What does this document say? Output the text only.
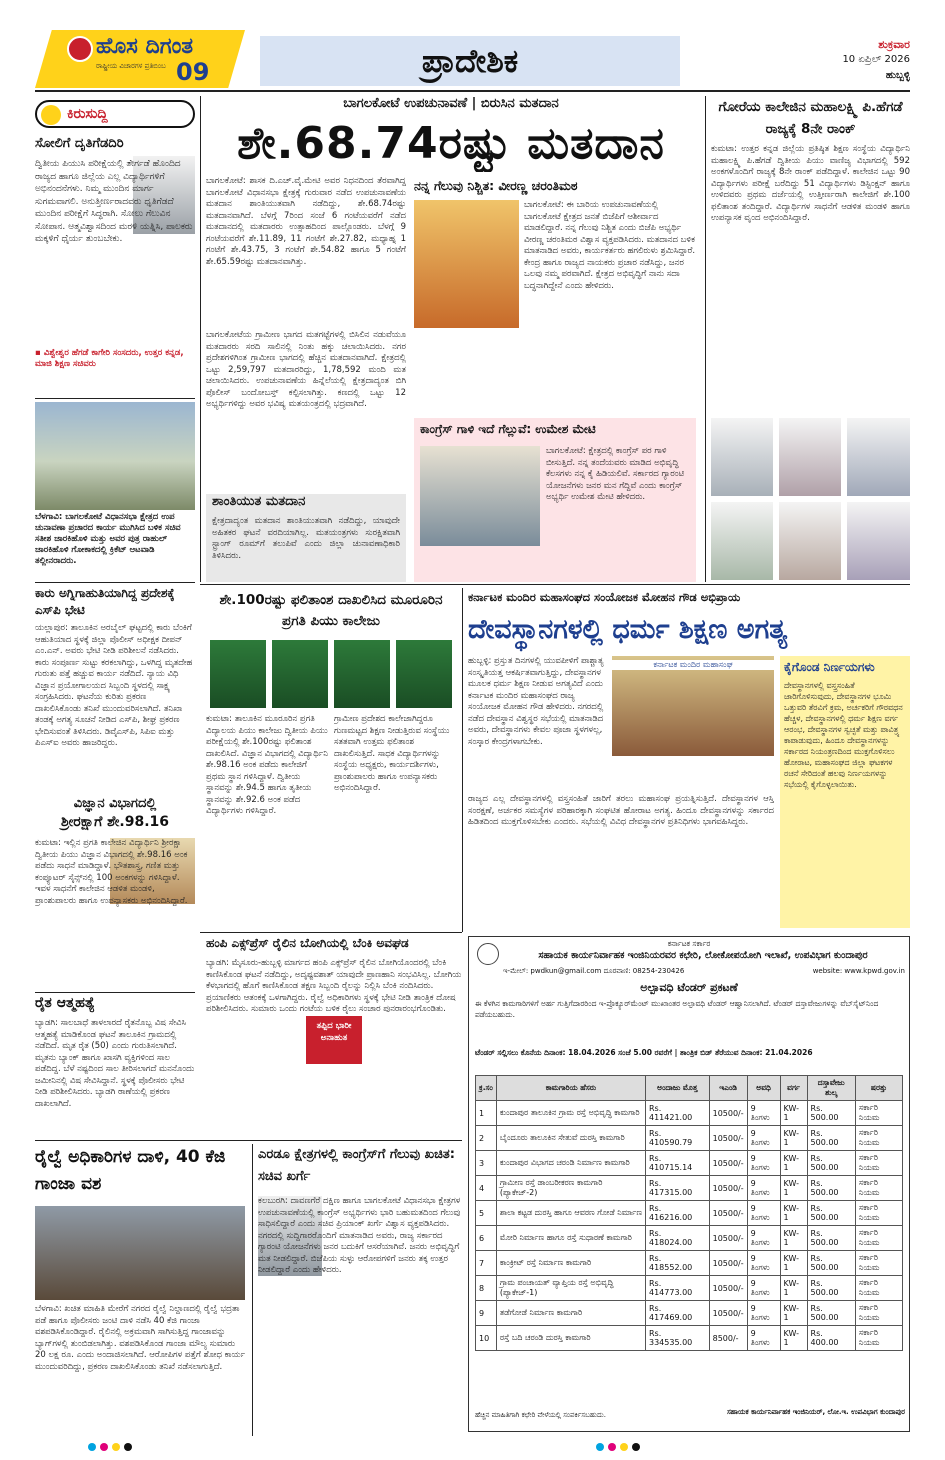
ಹೊಸ ದಿಗಂತ
ರಾಷ್ಟ್ರೀಯ ವಿಚಾರಗಳ ಪ್ರತಿಬಿಂಬ 09	ಪ್ರಾದೇಶಿಕ	ಶುಕ್ರವಾರ
10 ಏಪ್ರಿಲ್ 2026
ಹುಬ್ಬಳ್ಳಿ
ಕಿರುಸುದ್ದಿ
ಸೋಲಿಗೆ ದೃತಿಗೆಡದಿರಿ
ದ್ವಿತೀಯ ಪಿಯುಸಿ ಪರೀಕ್ಷೆಯಲ್ಲಿ ತೇರ್ಗಡೆ ಹೊಂದಿದ ರಾಜ್ಯದ ಹಾಗೂ ಜಿಲ್ಲೆಯ ಎಲ್ಲ ವಿದ್ಯಾರ್ಥಿಗಳಿಗೆ ಅಭಿನಂದನೆಗಳು. ನಿಮ್ಮ ಮುಂದಿನ ಮಾರ್ಗ ಸುಗಮವಾಗಲಿ. ಅನುತ್ತೀರ್ಣರಾದವರು ಧೃತಿಗೆಡದೆ ಮುಂದಿನ ಪರೀಕ್ಷೆಗೆ ಸಿದ್ಧರಾಗಿ. ಸೋಲು ಗೆಲುವಿನ ಸೋಪಾನ. ಆತ್ಮವಿಶ್ವಾಸದಿಂದ ಮರಳಿ ಯತ್ನಿಸಿ, ಪಾಲಕರು ಮಕ್ಕಳಿಗೆ ಧೈರ್ಯ ತುಂಬಬೇಕು.
▪ ವಿಶ್ವೇಶ್ವರ ಹೆಗಡೆ ಕಾಗೇರಿ ಸಂಸದರು, ಉತ್ತರ ಕನ್ನಡ, ಮಾಜಿ ಶಿಕ್ಷಣ ಸಚಿವರು
ಬೆಳಗಾವಿ: ಬಾಗಲಕೋಟೆ ವಿಧಾನಸಭಾ ಕ್ಷೇತ್ರದ ಉಪ ಚುನಾವಣಾ ಪ್ರಚಾರದ ಕಾರ್ಯ ಮುಗಿಸಿದ ಬಳಿಕ ಸಚಿವ ಸತೀಶ ಜಾರಕಿಹೊಳಿ ಮತ್ತು ಅವರ ಪುತ್ರ ರಾಹುಲ್ ಜಾರಕಿಹೊಳಿ ಗೋಕಾಕದಲ್ಲಿ ಕ್ರಿಕೆಟ್ ಆಟವಾಡಿ ತಲ್ಲೀನರಾದರು.
ಕಾರು ಅಗ್ನಿಗಾಹುತಿಯಾಗಿದ್ದ ಪ್ರದೇಶಕ್ಕೆ ಎಸ್‌ಪಿ ಭೇಟಿ
ಯಲ್ಲಾಪುರ: ತಾಲೂಕಿನ ಅರಬೈಲ್ ಘಟ್ಟದಲ್ಲಿ ಕಾರು ಬೆಂಕಿಗೆ ಆಹುತಿಯಾದ ಸ್ಥಳಕ್ಕೆ ಜಿಲ್ಲಾ ಪೊಲೀಸ್ ಅಧೀಕ್ಷಕ ದೀಪನ್ ಎಂ.ಎನ್. ಅವರು ಭೇಟಿ ನೀಡಿ ಪರಿಶೀಲನೆ ನಡೆಸಿದರು. ಕಾರು ಸಂಪೂರ್ಣ ಸುಟ್ಟು ಕರಕಲಾಗಿದ್ದು, ಒಳಗಿದ್ದ ಮೃತದೇಹ ಗುರುತು ಪತ್ತೆ ಹಚ್ಚುವ ಕಾರ್ಯ ನಡೆದಿದೆ. ನ್ಯಾಯ ವಿಧಿ ವಿಜ್ಞಾನ ಪ್ರಯೋಗಾಲಯದ ಸಿಬ್ಬಂದಿ ಸ್ಥಳದಲ್ಲಿ ಸಾಕ್ಷ್ಯ ಸಂಗ್ರಹಿಸಿದರು. ಘಟನೆಯ ಕುರಿತು ಪ್ರಕರಣ ದಾಖಲಿಸಿಕೊಂಡು ತನಿಖೆ ಮುಂದುವರಿಸಲಾಗಿದೆ. ತನಿಖಾ ತಂಡಕ್ಕೆ ಅಗತ್ಯ ಸೂಚನೆ ನೀಡಿದ ಎಸ್‌ಪಿ, ಶೀಘ್ರ ಪ್ರಕರಣ ಭೇದಿಸುವಂತೆ ತಿಳಿಸಿದರು. ಡಿವೈಎಸ್‌ಪಿ, ಸಿಪಿಐ ಮತ್ತು ಪಿಎಸ್‌ಐ ಅವರು ಹಾಜರಿದ್ದರು.
ವಿಜ್ಞಾನ ವಿಭಾಗದಲ್ಲಿ
ಶ್ರೀರಕ್ಷಾಗೆ ಶೇ.98.16
ಕುಮಟಾ: ಇಲ್ಲಿನ ಪ್ರಗತಿ ಕಾಲೇಜಿನ ವಿದ್ಯಾರ್ಥಿನಿ ಶ್ರೀರಕ್ಷಾ ದ್ವಿತೀಯ ಪಿಯು ವಿಜ್ಞಾನ ವಿಭಾಗದಲ್ಲಿ ಶೇ.98.16 ಅಂಕ ಪಡೆದು ಸಾಧನೆ ಮಾಡಿದ್ದಾಳೆ. ಭೌತಶಾಸ್ತ್ರ, ಗಣಿತ ಮತ್ತು ಕಂಪ್ಯೂಟರ್ ಸೈನ್ಸ್‌ನಲ್ಲಿ 100 ಅಂಕಗಳನ್ನು ಗಳಿಸಿದ್ದಾಳೆ. ಇವಳ ಸಾಧನೆಗೆ ಕಾಲೇಜಿನ ಆಡಳಿತ ಮಂಡಳಿ, ಪ್ರಾಂಶುಪಾಲರು ಹಾಗೂ ಉಪನ್ಯಾಸಕರು ಅಭಿನಂದಿಸಿದ್ದಾರೆ.
ರೈತ ಆತ್ಮಹತ್ಯೆ
ಬ್ಯಾಡಗಿ: ಸಾಲಬಾಧೆ ತಾಳಲಾರದೆ ರೈತನೊಬ್ಬ ವಿಷ ಸೇವಿಸಿ ಆತ್ಮಹತ್ಯೆ ಮಾಡಿಕೊಂಡ ಘಟನೆ ತಾಲೂಕಿನ ಗ್ರಾಮದಲ್ಲಿ ನಡೆದಿದೆ. ಮೃತ ರೈತ (50) ಎಂದು ಗುರುತಿಸಲಾಗಿದೆ. ಮೃತನು ಬ್ಯಾಂಕ್ ಹಾಗೂ ಖಾಸಗಿ ವ್ಯಕ್ತಿಗಳಿಂದ ಸಾಲ ಪಡೆದಿದ್ದ. ಬೆಳೆ ನಷ್ಟದಿಂದ ಸಾಲ ತೀರಿಸಲಾಗದೆ ಮನನೊಂದು ಜಮೀನಿನಲ್ಲಿ ವಿಷ ಸೇವಿಸಿದ್ದಾನೆ. ಸ್ಥಳಕ್ಕೆ ಪೊಲೀಸರು ಭೇಟಿ ನೀಡಿ ಪರಿಶೀಲಿಸಿದರು. ಬ್ಯಾಡಗಿ ಠಾಣೆಯಲ್ಲಿ ಪ್ರಕರಣ ದಾಖಲಾಗಿದೆ.
ಬಾಗಲಕೋಟೆ ಉಪಚುನಾವಣೆ | ಬಿರುಸಿನ ಮತದಾನ
ಶೇ.68.74ರಷ್ಟು ಮತದಾನ
ಬಾಗಲಕೋಟೆ: ಶಾಸಕ ದಿ.ಎಚ್.ವೈ.ಮೇಟಿ ಅವರ ನಿಧನದಿಂದ ತೆರವಾಗಿದ್ದ ಬಾಗಲಕೋಟೆ ವಿಧಾನಸಭಾ ಕ್ಷೇತ್ರಕ್ಕೆ ಗುರುವಾರ ನಡೆದ ಉಪಚುನಾವಣೆಯ ಮತದಾನ ಶಾಂತಿಯುತವಾಗಿ ನಡೆದಿದ್ದು, ಶೇ.68.74ರಷ್ಟು ಮತದಾನವಾಗಿದೆ. ಬೆಳಗ್ಗೆ 7ರಿಂದ ಸಂಜೆ 6 ಗಂಟೆಯವರೆಗೆ ನಡೆದ ಮತದಾನದಲ್ಲಿ ಮತದಾರರು ಉತ್ಸಾಹದಿಂದ ಪಾಲ್ಗೊಂಡರು. ಬೆಳಗ್ಗೆ 9 ಗಂಟೆಯವರೆಗೆ ಶೇ.11.89, 11 ಗಂಟೆಗೆ ಶೇ.27.82, ಮಧ್ಯಾಹ್ನ 1 ಗಂಟೆಗೆ ಶೇ.43.75, 3 ಗಂಟೆಗೆ ಶೇ.54.82 ಹಾಗೂ 5 ಗಂಟೆಗೆ ಶೇ.65.59ರಷ್ಟು ಮತದಾನವಾಗಿತ್ತು.
ಬಾಗಲಕೋಟೆಯ ಗ್ರಾಮೀಣ ಭಾಗದ ಮತಗಟ್ಟೆಗಳಲ್ಲಿ ಬಿಸಿಲಿನ ನಡುವೆಯೂ ಮತದಾರರು ಸರದಿ ಸಾಲಿನಲ್ಲಿ ನಿಂತು ಹಕ್ಕು ಚಲಾಯಿಸಿದರು. ನಗರ ಪ್ರದೇಶಗಳಿಗಿಂತ ಗ್ರಾಮೀಣ ಭಾಗದಲ್ಲಿ ಹೆಚ್ಚಿನ ಮತದಾನವಾಗಿದೆ. ಕ್ಷೇತ್ರದಲ್ಲಿ ಒಟ್ಟು 2,59,797 ಮತದಾರರಿದ್ದು, 1,78,592 ಮಂದಿ ಮತ ಚಲಾಯಿಸಿದರು. ಉಪಚುನಾವಣೆಯ ಹಿನ್ನೆಲೆಯಲ್ಲಿ ಕ್ಷೇತ್ರದಾದ್ಯಂತ ಬಿಗಿ ಪೊಲೀಸ್ ಬಂದೋಬಸ್ತ್ ಕಲ್ಪಿಸಲಾಗಿತ್ತು. ಕಣದಲ್ಲಿ ಒಟ್ಟು 12 ಅಭ್ಯರ್ಥಿಗಳಿದ್ದು ಅವರ ಭವಿಷ್ಯ ಮತಯಂತ್ರದಲ್ಲಿ ಭದ್ರವಾಗಿದೆ.
ಶಾಂತಿಯುತ ಮತದಾನ
ಕ್ಷೇತ್ರದಾದ್ಯಂತ ಮತದಾನ ಶಾಂತಿಯುತವಾಗಿ ನಡೆದಿದ್ದು, ಯಾವುದೇ ಅಹಿತಕರ ಘಟನೆ ವರದಿಯಾಗಿಲ್ಲ. ಮತಯಂತ್ರಗಳು ಸುರಕ್ಷಿತವಾಗಿ ಸ್ಟ್ರಾಂಗ್ ರೂಮ್‌ಗೆ ತಲುಪಿವೆ ಎಂದು ಜಿಲ್ಲಾ ಚುನಾವಣಾಧಿಕಾರಿ ತಿಳಿಸಿದರು.
ನನ್ನ ಗೆಲುವು ನಿಶ್ಚಿತ: ವೀರಣ್ಣ ಚರಂತಿಮಠ
ಬಾಗಲಕೋಟೆ: ಈ ಬಾರಿಯ ಉಪಚುನಾವಣೆಯಲ್ಲಿ ಬಾಗಲಕೋಟೆ ಕ್ಷೇತ್ರದ ಜನತೆ ಬಿಜೆಪಿಗೆ ಆಶೀರ್ವಾದ ಮಾಡಲಿದ್ದಾರೆ. ನನ್ನ ಗೆಲುವು ನಿಶ್ಚಿತ ಎಂದು ಬಿಜೆಪಿ ಅಭ್ಯರ್ಥಿ ವೀರಣ್ಣ ಚರಂತಿಮಠ ವಿಶ್ವಾಸ ವ್ಯಕ್ತಪಡಿಸಿದರು. ಮತದಾನದ ಬಳಿಕ ಮಾತನಾಡಿದ ಅವರು, ಕಾರ್ಯಕರ್ತರು ಹಗಲಿರುಳು ಶ್ರಮಿಸಿದ್ದಾರೆ. ಕೇಂದ್ರ ಹಾಗೂ ರಾಜ್ಯದ ನಾಯಕರು ಪ್ರಚಾರ ನಡೆಸಿದ್ದು, ಜನರ ಒಲವು ನಮ್ಮ ಪರವಾಗಿದೆ. ಕ್ಷೇತ್ರದ ಅಭಿವೃದ್ಧಿಗೆ ನಾನು ಸದಾ ಬದ್ಧನಾಗಿದ್ದೇನೆ ಎಂದು ಹೇಳಿದರು.
ಕಾಂಗ್ರೆಸ್ ಗಾಳಿ ಇದೆ ಗೆಲ್ಲುವೆ: ಉಮೇಶ ಮೇಟಿ
ಬಾಗಲಕೋಟೆ: ಕ್ಷೇತ್ರದಲ್ಲಿ ಕಾಂಗ್ರೆಸ್ ಪರ ಗಾಳಿ ಬೀಸುತ್ತಿದೆ. ನನ್ನ ತಂದೆಯವರು ಮಾಡಿದ ಅಭಿವೃದ್ಧಿ ಕೆಲಸಗಳು ನನ್ನ ಕೈ ಹಿಡಿಯಲಿವೆ. ಸರ್ಕಾರದ ಗ್ಯಾರಂಟಿ ಯೋಜನೆಗಳು ಜನರ ಮನ ಗೆದ್ದಿವೆ ಎಂದು ಕಾಂಗ್ರೆಸ್ ಅಭ್ಯರ್ಥಿ ಉಮೇಶ ಮೇಟಿ ಹೇಳಿದರು.
ಗೋರೆಯ ಕಾಲೇಜಿನ ಮಹಾಲಕ್ಷ್ಮಿ ಪಿ.ಹೆಗಡೆ ರಾಜ್ಯಕ್ಕೆ 8ನೇ ರಾಂಕ್
ಕುಮಟಾ: ಉತ್ತರ ಕನ್ನಡ ಜಿಲ್ಲೆಯ ಪ್ರತಿಷ್ಠಿತ ಶಿಕ್ಷಣ ಸಂಸ್ಥೆಯ ವಿದ್ಯಾರ್ಥಿನಿ ಮಹಾಲಕ್ಷ್ಮಿ ಪಿ.ಹೆಗಡೆ ದ್ವಿತೀಯ ಪಿಯು ವಾಣಿಜ್ಯ ವಿಭಾಗದಲ್ಲಿ 592 ಅಂಕಗಳೊಂದಿಗೆ ರಾಜ್ಯಕ್ಕೆ 8ನೇ ರಾಂಕ್ ಪಡೆದಿದ್ದಾಳೆ. ಕಾಲೇಜಿನ ಒಟ್ಟು 90 ವಿದ್ಯಾರ್ಥಿಗಳು ಪರೀಕ್ಷೆ ಬರೆದಿದ್ದು 51 ವಿದ್ಯಾರ್ಥಿಗಳು ಡಿಸ್ಟಿಂಕ್ಷನ್ ಹಾಗೂ ಉಳಿದವರು ಪ್ರಥಮ ದರ್ಜೆಯಲ್ಲಿ ಉತ್ತೀರ್ಣರಾಗಿ ಕಾಲೇಜಿಗೆ ಶೇ.100 ಫಲಿತಾಂಶ ತಂದಿದ್ದಾರೆ. ವಿದ್ಯಾರ್ಥಿಗಳ ಸಾಧನೆಗೆ ಆಡಳಿತ ಮಂಡಳಿ ಹಾಗೂ ಉಪನ್ಯಾಸಕ ವೃಂದ ಅಭಿನಂದಿಸಿದ್ದಾರೆ.
ಶೇ.100ರಷ್ಟು ಫಲಿತಾಂಶ ದಾಖಲಿಸಿದ ಮೂರೂರಿನ ಪ್ರಗತಿ ಪಿಯು ಕಾಲೇಜು
ಕುಮಟಾ: ತಾಲೂಕಿನ ಮೂರೂರಿನ ಪ್ರಗತಿ ವಿದ್ಯಾಲಯ ಪಿಯು ಕಾಲೇಜು ದ್ವಿತೀಯ ಪಿಯು ಪರೀಕ್ಷೆಯಲ್ಲಿ ಶೇ.100ರಷ್ಟು ಫಲಿತಾಂಶ ದಾಖಲಿಸಿದೆ. ವಿಜ್ಞಾನ ವಿಭಾಗದಲ್ಲಿ ವಿದ್ಯಾರ್ಥಿನಿ ಶೇ.98.16 ಅಂಕ ಪಡೆದು ಕಾಲೇಜಿಗೆ ಪ್ರಥಮ ಸ್ಥಾನ ಗಳಿಸಿದ್ದಾಳೆ. ದ್ವಿತೀಯ ಸ್ಥಾನವನ್ನು ಶೇ.94.5 ಹಾಗೂ ತೃತೀಯ ಸ್ಥಾನವನ್ನು ಶೇ.92.6 ಅಂಕ ಪಡೆದ ವಿದ್ಯಾರ್ಥಿಗಳು ಗಳಿಸಿದ್ದಾರೆ.
ಗ್ರಾಮೀಣ ಪ್ರದೇಶದ ಕಾಲೇಜಾಗಿದ್ದರೂ ಗುಣಮಟ್ಟದ ಶಿಕ್ಷಣ ನೀಡುತ್ತಿರುವ ಸಂಸ್ಥೆಯು ಸತತವಾಗಿ ಉತ್ತಮ ಫಲಿತಾಂಶ ದಾಖಲಿಸುತ್ತಿದೆ. ಸಾಧಕ ವಿದ್ಯಾರ್ಥಿಗಳನ್ನು ಸಂಸ್ಥೆಯ ಅಧ್ಯಕ್ಷರು, ಕಾರ್ಯದರ್ಶಿಗಳು, ಪ್ರಾಂಶುಪಾಲರು ಹಾಗೂ ಉಪನ್ಯಾಸಕರು ಅಭಿನಂದಿಸಿದ್ದಾರೆ.
ಕರ್ನಾಟಕ ಮಂದಿರ ಮಹಾಸಂಘದ ಸಂಯೋಜಕ ಮೋಹನ ಗೌಡ ಅಭಿಪ್ರಾಯ
ದೇವಸ್ಥಾನಗಳಲ್ಲಿ ಧರ್ಮ ಶಿಕ್ಷಣ ಅಗತ್ಯ
ಹುಬ್ಬಳ್ಳಿ: ಪ್ರಸ್ತುತ ದಿನಗಳಲ್ಲಿ ಯುವಪೀಳಿಗೆ ಪಾಶ್ಚಾತ್ಯ ಸಂಸ್ಕೃತಿಯತ್ತ ಆಕರ್ಷಿತವಾಗುತ್ತಿದ್ದು, ದೇವಸ್ಥಾನಗಳ ಮೂಲಕ ಧರ್ಮ ಶಿಕ್ಷಣ ನೀಡುವ ಅಗತ್ಯವಿದೆ ಎಂದು ಕರ್ನಾಟಕ ಮಂದಿರ ಮಹಾಸಂಘದ ರಾಜ್ಯ ಸಂಯೋಜಕ ಮೋಹನ ಗೌಡ ಹೇಳಿದರು. ನಗರದಲ್ಲಿ ನಡೆದ ದೇವಸ್ಥಾನ ವಿಶ್ವಸ್ಥರ ಸಭೆಯಲ್ಲಿ ಮಾತನಾಡಿದ ಅವರು, ದೇವಸ್ಥಾನಗಳು ಕೇವಲ ಪೂಜಾ ಸ್ಥಳಗಳಲ್ಲ, ಸಂಸ್ಕಾರ ಕೇಂದ್ರಗಳಾಗಬೇಕು.
ಕರ್ನಾಟಕ ಮಂದಿರ ಮಹಾಸಂಘ
ರಾಜ್ಯದ ಎಲ್ಲ ದೇವಸ್ಥಾನಗಳಲ್ಲಿ ವಸ್ತ್ರಸಂಹಿತೆ ಜಾರಿಗೆ ತರಲು ಮಹಾಸಂಘ ಪ್ರಯತ್ನಿಸುತ್ತಿದೆ. ದೇವಸ್ಥಾನಗಳ ಆಸ್ತಿ ಸಂರಕ್ಷಣೆ, ಅರ್ಚಕರ ಸಮಸ್ಯೆಗಳ ಪರಿಹಾರಕ್ಕಾಗಿ ಸಂಘಟಿತ ಹೋರಾಟ ಅಗತ್ಯ. ಹಿಂದೂ ದೇವಸ್ಥಾನಗಳನ್ನು ಸರ್ಕಾರದ ಹಿಡಿತದಿಂದ ಮುಕ್ತಗೊಳಿಸಬೇಕು ಎಂದರು. ಸಭೆಯಲ್ಲಿ ವಿವಿಧ ದೇವಸ್ಥಾನಗಳ ಪ್ರತಿನಿಧಿಗಳು ಭಾಗವಹಿಸಿದ್ದರು.
ಕೈಗೊಂಡ ನಿರ್ಣಯಗಳು
ದೇವಸ್ಥಾನಗಳಲ್ಲಿ ವಸ್ತ್ರಸಂಹಿತೆ ಜಾರಿಗೊಳಿಸುವುದು, ದೇವಸ್ಥಾನಗಳ ಭೂಮಿ ಒತ್ತುವರಿ ತೆರವಿಗೆ ಕ್ರಮ, ಅರ್ಚಕರಿಗೆ ಗೌರವಧನ ಹೆಚ್ಚಳ, ದೇವಸ್ಥಾನಗಳಲ್ಲಿ ಧರ್ಮ ಶಿಕ್ಷಣ ವರ್ಗ ಆರಂಭ, ದೇವಸ್ಥಾನಗಳ ಸ್ವಚ್ಛತೆ ಮತ್ತು ಪಾವಿತ್ರ್ಯ ಕಾಪಾಡುವುದು, ಹಿಂದೂ ದೇವಸ್ಥಾನಗಳನ್ನು ಸರ್ಕಾರದ ನಿಯಂತ್ರಣದಿಂದ ಮುಕ್ತಗೊಳಿಸಲು ಹೋರಾಟ, ಮಹಾಸಂಘದ ಜಿಲ್ಲಾ ಘಟಕಗಳ ರಚನೆ ಸೇರಿದಂತೆ ಹಲವು ನಿರ್ಣಯಗಳನ್ನು ಸಭೆಯಲ್ಲಿ ಕೈಗೊಳ್ಳಲಾಯಿತು.
ಹಂಪಿ ಎಕ್ಸ್‌ಪ್ರೆಸ್ ರೈಲಿನ ಬೋಗಿಯಲ್ಲಿ ಬೆಂಕಿ ಅವಘಡ
ಬ್ಯಾಡಗಿ: ಮೈಸೂರು-ಹುಬ್ಬಳ್ಳಿ ಮಾರ್ಗದ ಹಂಪಿ ಎಕ್ಸ್‌ಪ್ರೆಸ್ ರೈಲಿನ ಬೋಗಿಯೊಂದರಲ್ಲಿ ಬೆಂಕಿ ಕಾಣಿಸಿಕೊಂಡ ಘಟನೆ ನಡೆದಿದ್ದು, ಅದೃಷ್ಟವಶಾತ್ ಯಾವುದೇ ಪ್ರಾಣಹಾನಿ ಸಂಭವಿಸಿಲ್ಲ. ಬೋಗಿಯ ಕೆಳಭಾಗದಲ್ಲಿ ಹೊಗೆ ಕಾಣಿಸಿಕೊಂಡ ತಕ್ಷಣ ಸಿಬ್ಬಂದಿ ರೈಲನ್ನು ನಿಲ್ಲಿಸಿ ಬೆಂಕಿ ನಂದಿಸಿದರು. ಪ್ರಯಾಣಿಕರು ಆತಂಕಕ್ಕೆ ಒಳಗಾಗಿದ್ದರು. ರೈಲ್ವೆ ಅಧಿಕಾರಿಗಳು ಸ್ಥಳಕ್ಕೆ ಭೇಟಿ ನೀಡಿ ತಾಂತ್ರಿಕ ದೋಷ ಪರಿಶೀಲಿಸಿದರು. ಸುಮಾರು ಒಂದು ಗಂಟೆಯ ಬಳಿಕ ರೈಲು ಸಂಚಾರ ಪುನರಾರಂಭಗೊಂಡಿತು.
ತಪ್ಪಿದ ಭಾರೀ ಅನಾಹುತ
ರೈಲ್ವೆ ಅಧಿಕಾರಿಗಳ ದಾಳಿ, 40 ಕೆಜಿ ಗಾಂಜಾ ವಶ
ಬೆಳಗಾವಿ: ಖಚಿತ ಮಾಹಿತಿ ಮೇರೆಗೆ ನಗರದ ರೈಲ್ವೆ ನಿಲ್ದಾಣದಲ್ಲಿ ರೈಲ್ವೆ ಭದ್ರತಾ ಪಡೆ ಹಾಗೂ ಪೊಲೀಸರು ಜಂಟಿ ದಾಳಿ ನಡೆಸಿ 40 ಕೆಜಿ ಗಾಂಜಾ ವಶಪಡಿಸಿಕೊಂಡಿದ್ದಾರೆ. ರೈಲಿನಲ್ಲಿ ಅಕ್ರಮವಾಗಿ ಸಾಗಿಸುತ್ತಿದ್ದ ಗಾಂಜಾವನ್ನು ಬ್ಯಾಗ್‌ಗಳಲ್ಲಿ ತುಂಬಿಡಲಾಗಿತ್ತು. ವಶಪಡಿಸಿಕೊಂಡ ಗಾಂಜಾ ಮೌಲ್ಯ ಸುಮಾರು 20 ಲಕ್ಷ ರೂ. ಎಂದು ಅಂದಾಜಿಸಲಾಗಿದೆ. ಆರೋಪಿಗಳ ಪತ್ತೆಗೆ ಶೋಧ ಕಾರ್ಯ ಮುಂದುವರಿದಿದ್ದು, ಪ್ರಕರಣ ದಾಖಲಿಸಿಕೊಂಡು ತನಿಖೆ ನಡೆಸಲಾಗುತ್ತಿದೆ.
ಎರಡೂ ಕ್ಷೇತ್ರಗಳಲ್ಲಿ ಕಾಂಗ್ರೆಸ್‌ಗೆ ಗೆಲುವು ಖಚಿತ: ಸಚಿವ ಖರ್ಗೆ
ಕಲಬುರಗಿ: ದಾವಣಗೆರೆ ದಕ್ಷಿಣ ಹಾಗೂ ಬಾಗಲಕೋಟೆ ವಿಧಾನಸಭಾ ಕ್ಷೇತ್ರಗಳ ಉಪಚುನಾವಣೆಯಲ್ಲಿ ಕಾಂಗ್ರೆಸ್ ಅಭ್ಯರ್ಥಿಗಳು ಭಾರಿ ಬಹುಮತದಿಂದ ಗೆಲುವು ಸಾಧಿಸಲಿದ್ದಾರೆ ಎಂದು ಸಚಿವ ಪ್ರಿಯಾಂಕ್ ಖರ್ಗೆ ವಿಶ್ವಾಸ ವ್ಯಕ್ತಪಡಿಸಿದರು. ನಗರದಲ್ಲಿ ಸುದ್ದಿಗಾರರೊಂದಿಗೆ ಮಾತನಾಡಿದ ಅವರು, ರಾಜ್ಯ ಸರ್ಕಾರದ ಗ್ಯಾರಂಟಿ ಯೋಜನೆಗಳು ಜನರ ಬದುಕಿಗೆ ಆಸರೆಯಾಗಿವೆ. ಜನರು ಅಭಿವೃದ್ಧಿಗೆ ಮತ ನೀಡಲಿದ್ದಾರೆ. ಬಿಜೆಪಿಯ ಸುಳ್ಳು ಆರೋಪಗಳಿಗೆ ಜನರು ತಕ್ಕ ಉತ್ತರ ನೀಡಲಿದ್ದಾರೆ ಎಂದು ಹೇಳಿದರು.
ಕರ್ನಾಟಕ ಸರ್ಕಾರ
ಸಹಾಯಕ ಕಾರ್ಯನಿರ್ವಾಹಕ ಇಂಜಿನಿಯರವರ ಕಛೇರಿ, ಲೋಕೋಪಯೋಗಿ ಇಲಾಖೆ, ಉಪವಿಭಾಗ ಕುಂದಾಪುರ
ಇ-ಮೇಲ್: pwdkun@gmail.com ದೂರವಾಣಿ: 08254-230426	website: www.kpwd.gov.in
ಅಲ್ಪಾವಧಿ ಟೆಂಡರ್ ಪ್ರಕಟಣೆ
ಈ ಕೆಳಗಿನ ಕಾಮಗಾರಿಗಳಿಗೆ ಅರ್ಹ ಗುತ್ತಿಗೆದಾರರಿಂದ ಇ-ಪ್ರೊಕ್ಯೂರ್‌ಮೆಂಟ್ ಮುಖಾಂತರ ಅಲ್ಪಾವಧಿ ಟೆಂಡರ್ ಆಹ್ವಾನಿಸಲಾಗಿದೆ. ಟೆಂಡರ್ ದಸ್ತಾವೇಜುಗಳನ್ನು ವೆಬ್‌ಸೈಟ್‌ನಿಂದ ಪಡೆಯಬಹುದು.
ಟೆಂಡರ್ ಸಲ್ಲಿಸಲು ಕೊನೆಯ ದಿನಾಂಕ: 18.04.2026 ಸಂಜೆ 5.00 ರವರೆಗೆ | ತಾಂತ್ರಿಕ ಬಿಡ್ ತೆರೆಯುವ ದಿನಾಂಕ: 21.04.2026
ಕ್ರ.ಸಂ	ಕಾಮಗಾರಿಯ ಹೆಸರು	ಅಂದಾಜು ಮೊತ್ತ	ಇಎಂಡಿ	ಅವಧಿ	ವರ್ಗ	ದಸ್ತಾವೇಜು ಶುಲ್ಕ	ಷರತ್ತು
1	ಕುಂದಾಪುರ ತಾಲೂಕಿನ ಗ್ರಾಮ ರಸ್ತೆ ಅಭಿವೃದ್ಧಿ ಕಾಮಗಾರಿ	Rs. 411421.00	10500/-	9 ತಿಂಗಳು	KW-1	Rs. 500.00	ಸರ್ಕಾರಿ ನಿಯಮ
2	ಬೈಂದೂರು ತಾಲೂಕಿನ ಸೇತುವೆ ದುರಸ್ತಿ ಕಾಮಗಾರಿ	Rs. 410590.79	10500/-	9 ತಿಂಗಳು	KW-1	Rs. 500.00	ಸರ್ಕಾರಿ ನಿಯಮ
3	ಕುಂದಾಪುರ ವಿಭಾಗದ ಚರಂಡಿ ನಿರ್ಮಾಣ ಕಾಮಗಾರಿ	Rs. 410715.14	10500/-	9 ತಿಂಗಳು	KW-1	Rs. 500.00	ಸರ್ಕಾರಿ ನಿಯಮ
4	ಗ್ರಾಮೀಣ ರಸ್ತೆ ಡಾಂಬರೀಕರಣ ಕಾಮಗಾರಿ (ಪ್ಯಾಕೇಜ್-2)	Rs. 417315.00	10500/-	9 ತಿಂಗಳು	KW-1	Rs. 500.00	ಸರ್ಕಾರಿ ನಿಯಮ
5	ಶಾಲಾ ಕಟ್ಟಡ ದುರಸ್ತಿ ಹಾಗೂ ಆವರಣ ಗೋಡೆ ನಿರ್ಮಾಣ	Rs. 416216.00	10500/-	9 ತಿಂಗಳು	KW-1	Rs. 500.00	ಸರ್ಕಾರಿ ನಿಯಮ
6	ಮೋರಿ ನಿರ್ಮಾಣ ಹಾಗೂ ರಸ್ತೆ ಸುಧಾರಣೆ ಕಾಮಗಾರಿ	Rs. 418024.00	10500/-	9 ತಿಂಗಳು	KW-1	Rs. 500.00	ಸರ್ಕಾರಿ ನಿಯಮ
7	ಕಾಂಕ್ರೀಟ್ ರಸ್ತೆ ನಿರ್ಮಾಣ ಕಾಮಗಾರಿ	Rs. 418552.00	10500/-	9 ತಿಂಗಳು	KW-1	Rs. 500.00	ಸರ್ಕಾರಿ ನಿಯಮ
8	ಗ್ರಾಮ ಪಂಚಾಯತ್ ವ್ಯಾಪ್ತಿಯ ರಸ್ತೆ ಅಭಿವೃದ್ಧಿ (ಪ್ಯಾಕೇಜ್-1)	Rs. 414773.00	10500/-	9 ತಿಂಗಳು	KW-1	Rs. 500.00	ಸರ್ಕಾರಿ ನಿಯಮ
9	ತಡೆಗೋಡೆ ನಿರ್ಮಾಣ ಕಾಮಗಾರಿ	Rs. 417469.00	10500/-	9 ತಿಂಗಳು	KW-1	Rs. 500.00	ಸರ್ಕಾರಿ ನಿಯಮ
10	ರಸ್ತೆ ಬದಿ ಚರಂಡಿ ದುರಸ್ತಿ ಕಾಮಗಾರಿ	Rs. 334535.00	8500/-	9 ತಿಂಗಳು	KW-1	Rs. 400.00	ಸರ್ಕಾರಿ ನಿಯಮ
ಹೆಚ್ಚಿನ ಮಾಹಿತಿಗಾಗಿ ಕಛೇರಿ ವೇಳೆಯಲ್ಲಿ ಸಂಪರ್ಕಿಸಬಹುದು.	ಸಹಾಯಕ ಕಾರ್ಯನಿರ್ವಾಹಕ ಇಂಜಿನಿಯರ್, ಲೋ.ಇ. ಉಪವಿಭಾಗ ಕುಂದಾಪುರ
